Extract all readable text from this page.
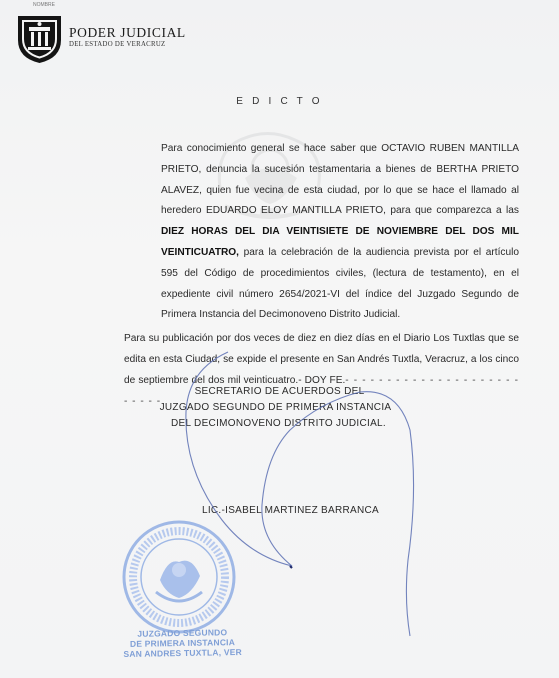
NOMBRE
PODER JUDICIAL
DEL ESTADO DE VERACRUZ
E D I C T O

Para conocimiento general se hace saber que OCTAVIO RUBEN MANTILLA PRIETO, denuncia la sucesión testamentaria a bienes de BERTHA PRIETO ALAVEZ, quien fue vecina de esta ciudad, por lo que se hace el llamado al heredero EDUARDO ELOY MANTILLA PRIETO, para que comparezca a las DIEZ HORAS DEL DIA VEINTISIETE DE NOVIEMBRE DEL DOS MIL VEINTICUATRO, para la celebración de la audiencia prevista por el artículo 595 del Código de procedimientos civiles, (lectura de testamento), en el expediente civil número 2654/2021-VI del índice del Juzgado Segundo de Primera Instancia del Decimonoveno Distrito Judicial.

Para su publicación por dos veces de diez en diez días en el Diario Los Tuxtlas que se edita en esta Ciudad, se expide el presente en San Andrés Tuxtla, Veracruz, a los cinco de septiembre del dos mil veinticuatro.- DOY FE.- - - - - - - - - - - - - - - - - - - - - - - - - -

SECRETARIO DE ACUERDOS DEL
JUZGADO SEGUNDO DE PRIMERA INSTANCIA
DEL DECIMONOVENO DISTRITO JUDICIAL.
LIC.-ISABEL MARTINEZ BARRANCA
JUZGADO SEGUNDO
DE PRIMERA INSTANCIA
SAN ANDRES TUXTLA, VER
